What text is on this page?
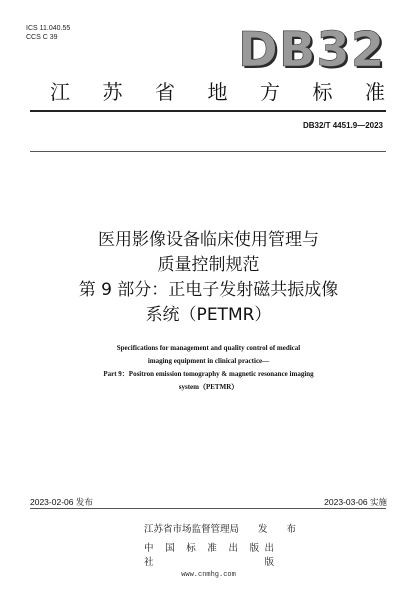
ICS 11.040.55
CCS C 39	DB32
江 苏 省 地 方 标 准
DB32/T 4451.9—2023
医用影像设备临床使用管理与
质量控制规范
第 9 部分：正电子发射磁共振成像
系统（PETMR）
Specifications for management and quality control of medical
imaging equipment in clinical practice—
Part 9：Positron emission tomography & magnetic resonance imaging
system（PETMR）
2023-02-06 发布	2023-03-06 实施
江苏省市场监督管理局 发 布
中 国 标 准 出 版 社
出 版
www.cnmhg.com
